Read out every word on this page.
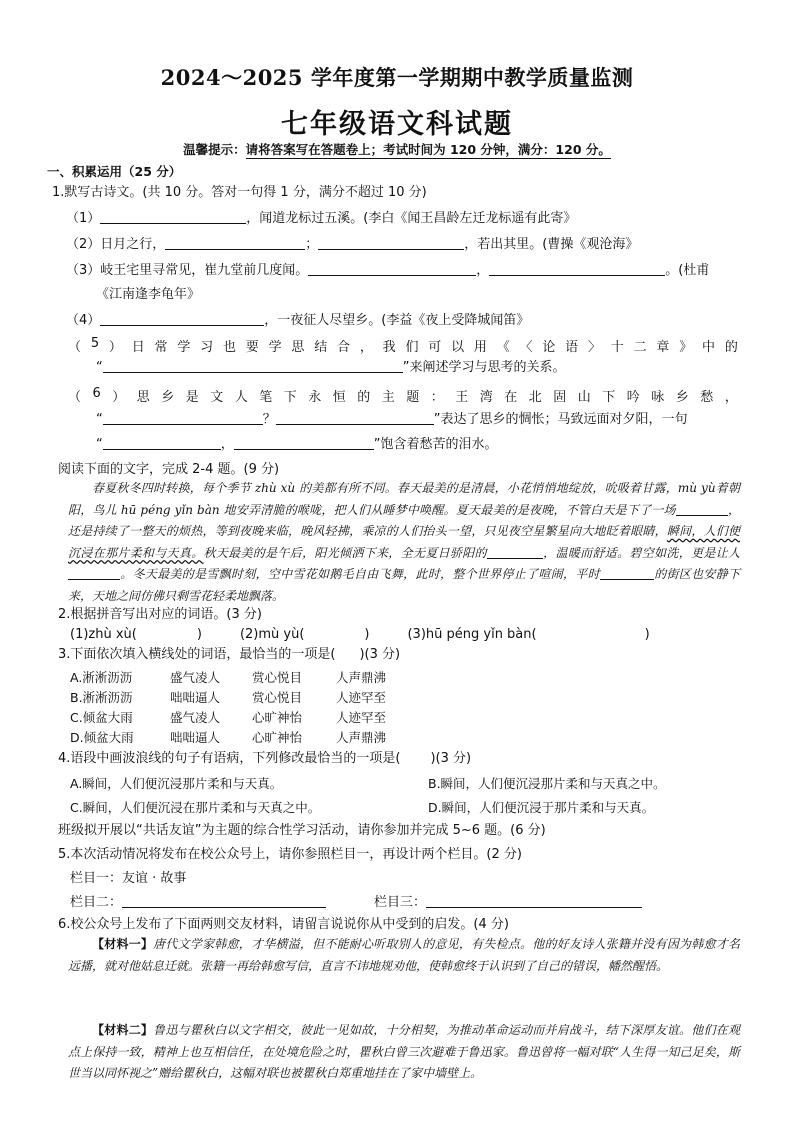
2024～2025 学年度第一学期期中教学质量监测
七年级语文科试题
温馨提示：请将答案写在答题卷上；考试时间为 120 分钟，满分：120 分。
一、积累运用（25 分）
1.默写古诗文。(共 10 分。答对一句得 1 分，满分不超过 10 分)
（1）	，闻道龙标过五溪。(李白《闻王昌龄左迁龙标遥有此寄》
（2）日月之行，	；	，若出其里。(曹操《观沧海》
（3）岐王宅里寻常见，崔九堂前几度闻。	，	。(杜甫
《江南逢李龟年》
（4）	，一夜征人尽望乡。(李益《夜上受降城闻笛》
（ 5 ） 日 常 学 习 也 要 学 思 结 合 ， 我 们 可 以 用 《 〈 论 语 〉 十 二 章 》 中 的
“	”来阐述学习与思考的关系。
（ 6 ） 思 乡 是 文 人 笔 下 永 恒 的 主 题 ： 王 湾 在 北 固 山 下 吟 咏 乡 愁 ，
“	？	”表达了思乡的惆怅；马致远面对夕阳，一句
“	，	”饱含着愁苦的泪水。
阅读下面的文字，完成 2-4 题。(9 分)
春夏秋冬四时转换，每个季节 zhù xù 的美都有所不同。春天最美的是清晨，小花悄悄地绽放，吮吸着甘露，mù yù着朝阳，鸟儿 hū péng yǐn bàn 地安弄清脆的喉咙，把人们从睡梦中唤醒。夏天最美的是夜晚，不管白天是下了一场	，还是持续了一整天的烦热，等到夜晚来临，晚风轻拂，乘凉的人们抬头一望，只见夜空星繁星向大地眨着眼睛，瞬间，人们便沉浸在那片柔和与天真。秋天最美的是午后，阳光倾洒下来，全无夏日骄阳的	，温暖而舒适。碧空如洗，更是让人。冬天最美的是雪飘时刻，空中雪花如鹅毛自由飞舞，此时，整个世界停止了喧闹，平时	的街区也安静下来，天地之间仿佛只剩雪花轻柔地飘落。
2.根据拼音写出对应的词语。(3 分)
(1)zhù xù(	)	(2)mù yù(	)	(3)hū péng yǐn bàn(	)
3.下面依次填入横线处的词语，最恰当的一项是( )(3 分)
A.淅淅沥沥	盛气凌人	赏心悦目	人声鼎沸
B.淅淅沥沥	咄咄逼人	赏心悦目	人迹罕至
C.倾盆大雨	盛气凌人	心旷神怡	人迹罕至
D.倾盆大雨	咄咄逼人	心旷神怡	人声鼎沸
4.语段中画波浪线的句子有语病，下列修改最恰当的一项是( )(3 分)
A.瞬间，人们便沉浸那片柔和与天真。	B.瞬间，人们便沉浸那片柔和与天真之中。
C.瞬间，人们便沉浸在那片柔和与天真之中。	D.瞬间，人们便沉浸于那片柔和与天真。
班级拟开展以“共话友谊”为主题的综合性学习活动，请你参加并完成 5~6 题。(6 分)
5.本次活动情况将发布在校公众号上，请你参照栏目一，再设计两个栏目。(2 分)
栏目一：友谊 · 故事
栏目二：	栏目三：
6.校公众号上发布了下面两则交友材料，请留言说说你从中受到的启发。(4 分)
【材料一】唐代文学家韩愈，才华横溢，但不能耐心听取别人的意见，有失检点。他的好友诗人张籍并没有因为韩愈才名远播，就对他姑息迁就。张籍一再给韩愈写信，直言不讳地规劝他，使韩愈终于认识到了自己的错误，幡然醒悟。
【材料二】鲁迅与瞿秋白以文字相交，彼此一见如故，十分相契，为推动革命运动而并肩战斗，结下深厚友谊。他们在观点上保持一致，精神上也互相信任，在处境危险之时，瞿秋白曾三次避难于鲁迅家。鲁迅曾将一幅对联“人生得一知己足矣，斯世当以同怀视之”赠给瞿秋白，这幅对联也被瞿秋白郑重地挂在了家中墙壁上。
